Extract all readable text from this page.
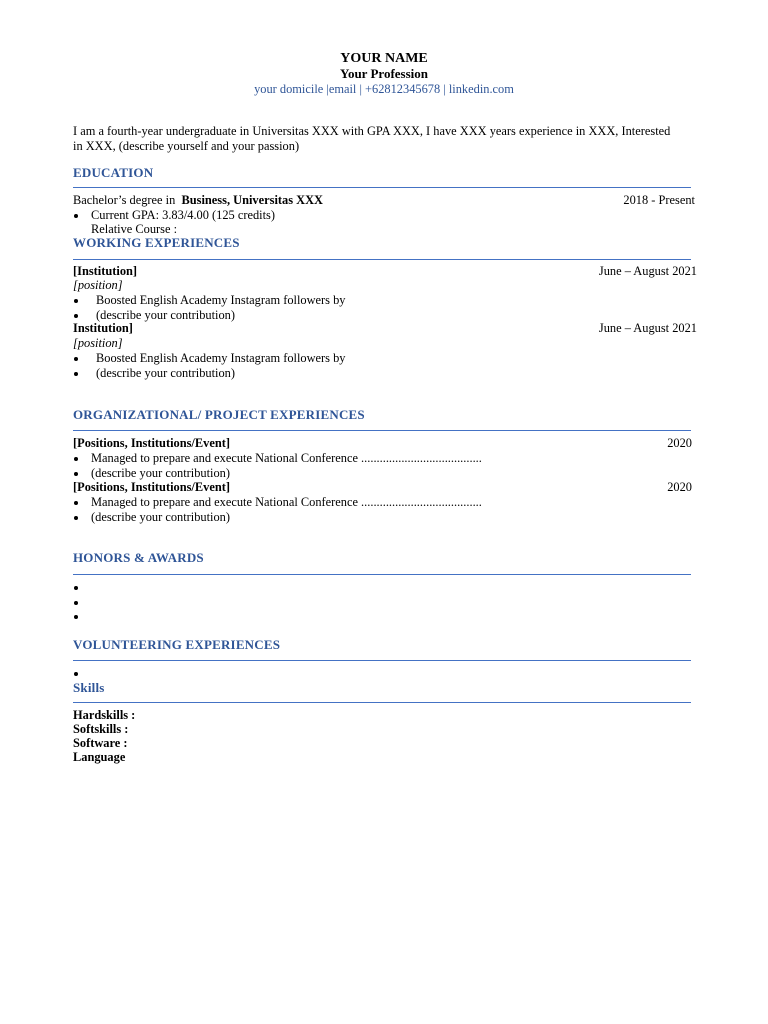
YOUR NAME
Your Profession
your domicile |email | +62812345678 | linkedin.com
I am a fourth-year undergraduate in Universitas XXX with GPA XXX, I have XXX years experience in XXX, Interested
in XXX, (describe yourself and your passion)
EDUCATION
Bachelor’s degree in Business, Universitas XXX	2018 - Present
Current GPA: 3.83/4.00 (125 credits)
Relative Course :
WORKING EXPERIENCES
[Institution]	June – August 2021
[position]
Boosted English Academy Instagram followers by
(describe your contribution)
Institution]	June – August 2021
[position]
Boosted English Academy Instagram followers by
(describe your contribution)
ORGANIZATIONAL/ PROJECT EXPERIENCES
[Positions, Institutions/Event]	2020
Managed to prepare and execute National Conference .......................................
(describe your contribution)
[Positions, Institutions/Event]	2020
Managed to prepare and execute National Conference .......................................
(describe your contribution)
HONORS & AWARDS
VOLUNTEERING EXPERIENCES
Skills
Hardskills :
Softskills :
Software :
Language
